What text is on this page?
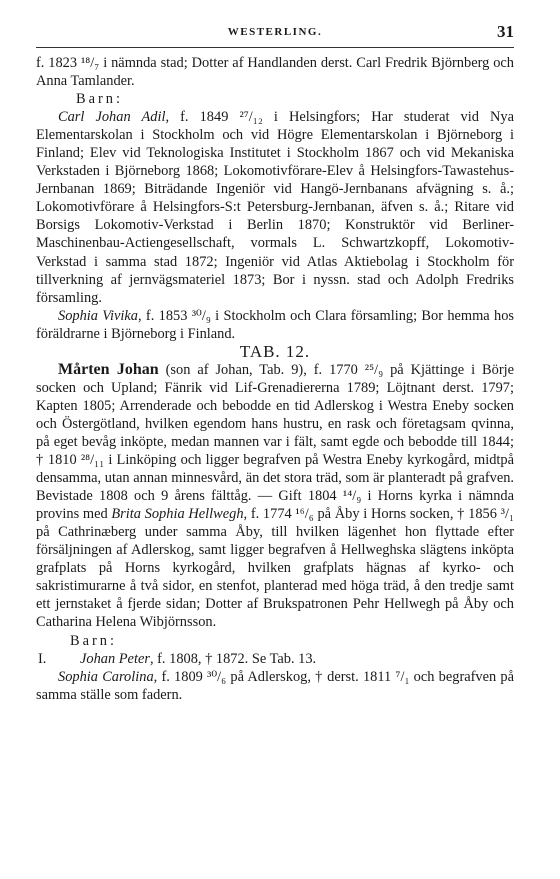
WESTERLING.	31

f. 1823 ¹⁸/₇ i nämnda stad; Dotter af Handlanden derst. Carl Fredrik Björnberg och Anna Tamlander.

Barn:

Carl Johan Adil, f. 1849 ²⁷/₁₂ i Helsingfors; Har studerat vid Nya Elementarskolan i Stockholm och vid Högre Elementarskolan i Björneborg i Finland; Elev vid Teknologiska Institutet i Stockholm 1867 och vid Mekaniska Verkstaden i Björneborg 1868; Lokomotivförare-Elev å Helsingfors-Tawastehus-Jernbanan 1869; Biträdande Ingeniör vid Hangö-Jernbanans afvägning s. å.; Lokomotivförare å Helsingfors-S:t Petersburg-Jernbanan, äfven s. å.; Ritare vid Borsigs Lokomotiv-Verkstad i Berlin 1870; Konstruktör vid Berliner-Maschinenbau-Actiengesellschaft, vormals L. Schwartzkopff, Lokomotiv-Verkstad i samma stad 1872; Ingeniör vid Atlas Aktiebolag i Stockholm för tillverkning af jernvägsmateriel 1873; Bor i nyssn. stad och Adolph Fredriks församling.

Sophia Vivika, f. 1853 ³⁰/₉ i Stockholm och Clara församling; Bor hemma hos föräldrarne i Björneborg i Finland.

TAB. 12.

Mårten Johan (son af Johan, Tab. 9), f. 1770 ²⁵/₉ på Kjättinge i Börje socken och Upland; Fänrik vid Lif-Grenadiererna 1789; Löjtnant derst. 1797; Kapten 1805; Arrenderade och bebodde en tid Adlerskog i Westra Eneby socken och Östergötland, hvilken egendom hans hustru, en rask och företagsam qvinna, på eget bevåg inköpte, medan mannen var i fält, samt egde och bebodde till 1844; † 1810 ²⁸/₁₁ i Linköping och ligger begrafven på Westra Eneby kyrkogård, midtpå densamma, utan annan minnesvård, än det stora träd, som är planteradt på grafven. Bevistade 1808 och 9 årens fälttåg. — Gift 1804 ¹⁴/₉ i Horns kyrka i nämnda provins med Brita Sophia Hellwegh, f. 1774 ¹⁶/₆ på Åby i Horns socken, † 1856 ³/₁ på Cathrinæberg under samma Åby, till hvilken lägenhet hon flyttade efter försäljningen af Adlerskog, samt ligger begrafven å Hellweghska slägtens inköpta grafplats på Horns kyrkogård, hvilken grafplats hägnas af kyrko- och sakristimurarne å två sidor, en stenfot, planterad med höga träd, å den tredje samt ett jernstaket å fjerde sidan; Dotter af Brukspatronen Pehr Hellwegh på Åby och Catharina Helena Wibjörnsson.

Barn:

I. Johan Peter, f. 1808, † 1872. Se Tab. 13.

Sophia Carolina, f. 1809 ³⁰/₆ på Adlerskog, † derst. 1811 ⁷/₁ och begrafven på samma ställe som fadern.
